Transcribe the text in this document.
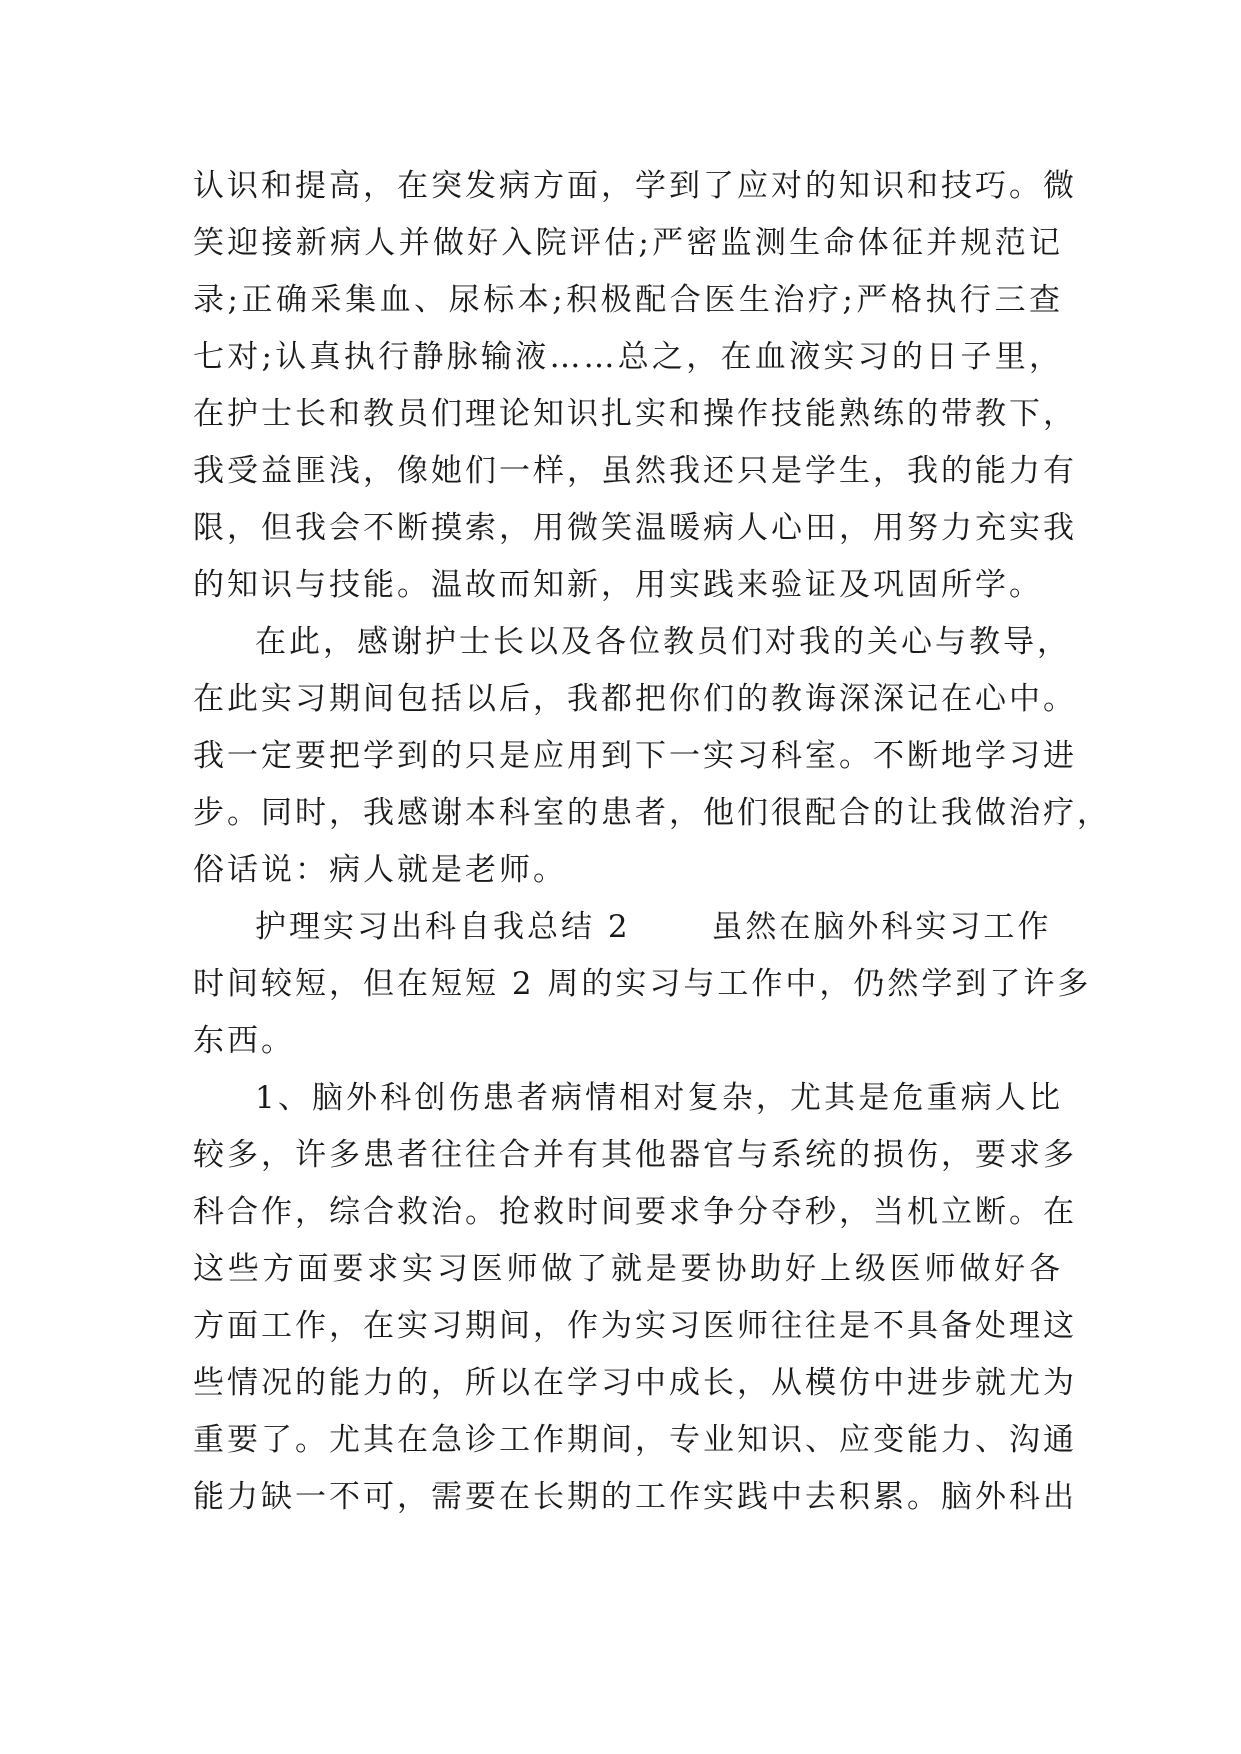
认识和提高，在突发病方面，学到了应对的知识和技巧。微
笑迎接新病人并做好入院评估;严密监测生命体征并规范记
录;正确采集血、尿标本;积极配合医生治疗;严格执行三查
七对;认真执行静脉输液……总之，在血液实习的日子里，
在护士长和教员们理论知识扎实和操作技能熟练的带教下，
我受益匪浅，像她们一样，虽然我还只是学生，我的能力有
限，但我会不断摸索，用微笑温暖病人心田，用努力充实我
的知识与技能。温故而知新，用实践来验证及巩固所学。
在此，感谢护士长以及各位教员们对我的关心与教导，
在此实习期间包括以后，我都把你们的教诲深深记在心中。
我一定要把学到的只是应用到下一实习科室。不断地学习进
步。同时，我感谢本科室的患者，他们很配合的让我做治疗，
俗话说：病人就是老师。
护理实习出科自我总结 2　　 虽然在脑外科实习工作
时间较短，但在短短 2 周的实习与工作中，仍然学到了许多
东西。
1、脑外科创伤患者病情相对复杂，尤其是危重病人比
较多，许多患者往往合并有其他器官与系统的损伤，要求多
科合作，综合救治。抢救时间要求争分夺秒，当机立断。在
这些方面要求实习医师做了就是要协助好上级医师做好各
方面工作，在实习期间，作为实习医师往往是不具备处理这
些情况的能力的，所以在学习中成长，从模仿中进步就尤为
重要了。尤其在急诊工作期间，专业知识、应变能力、沟通
能力缺一不可，需要在长期的工作实践中去积累。脑外科出
